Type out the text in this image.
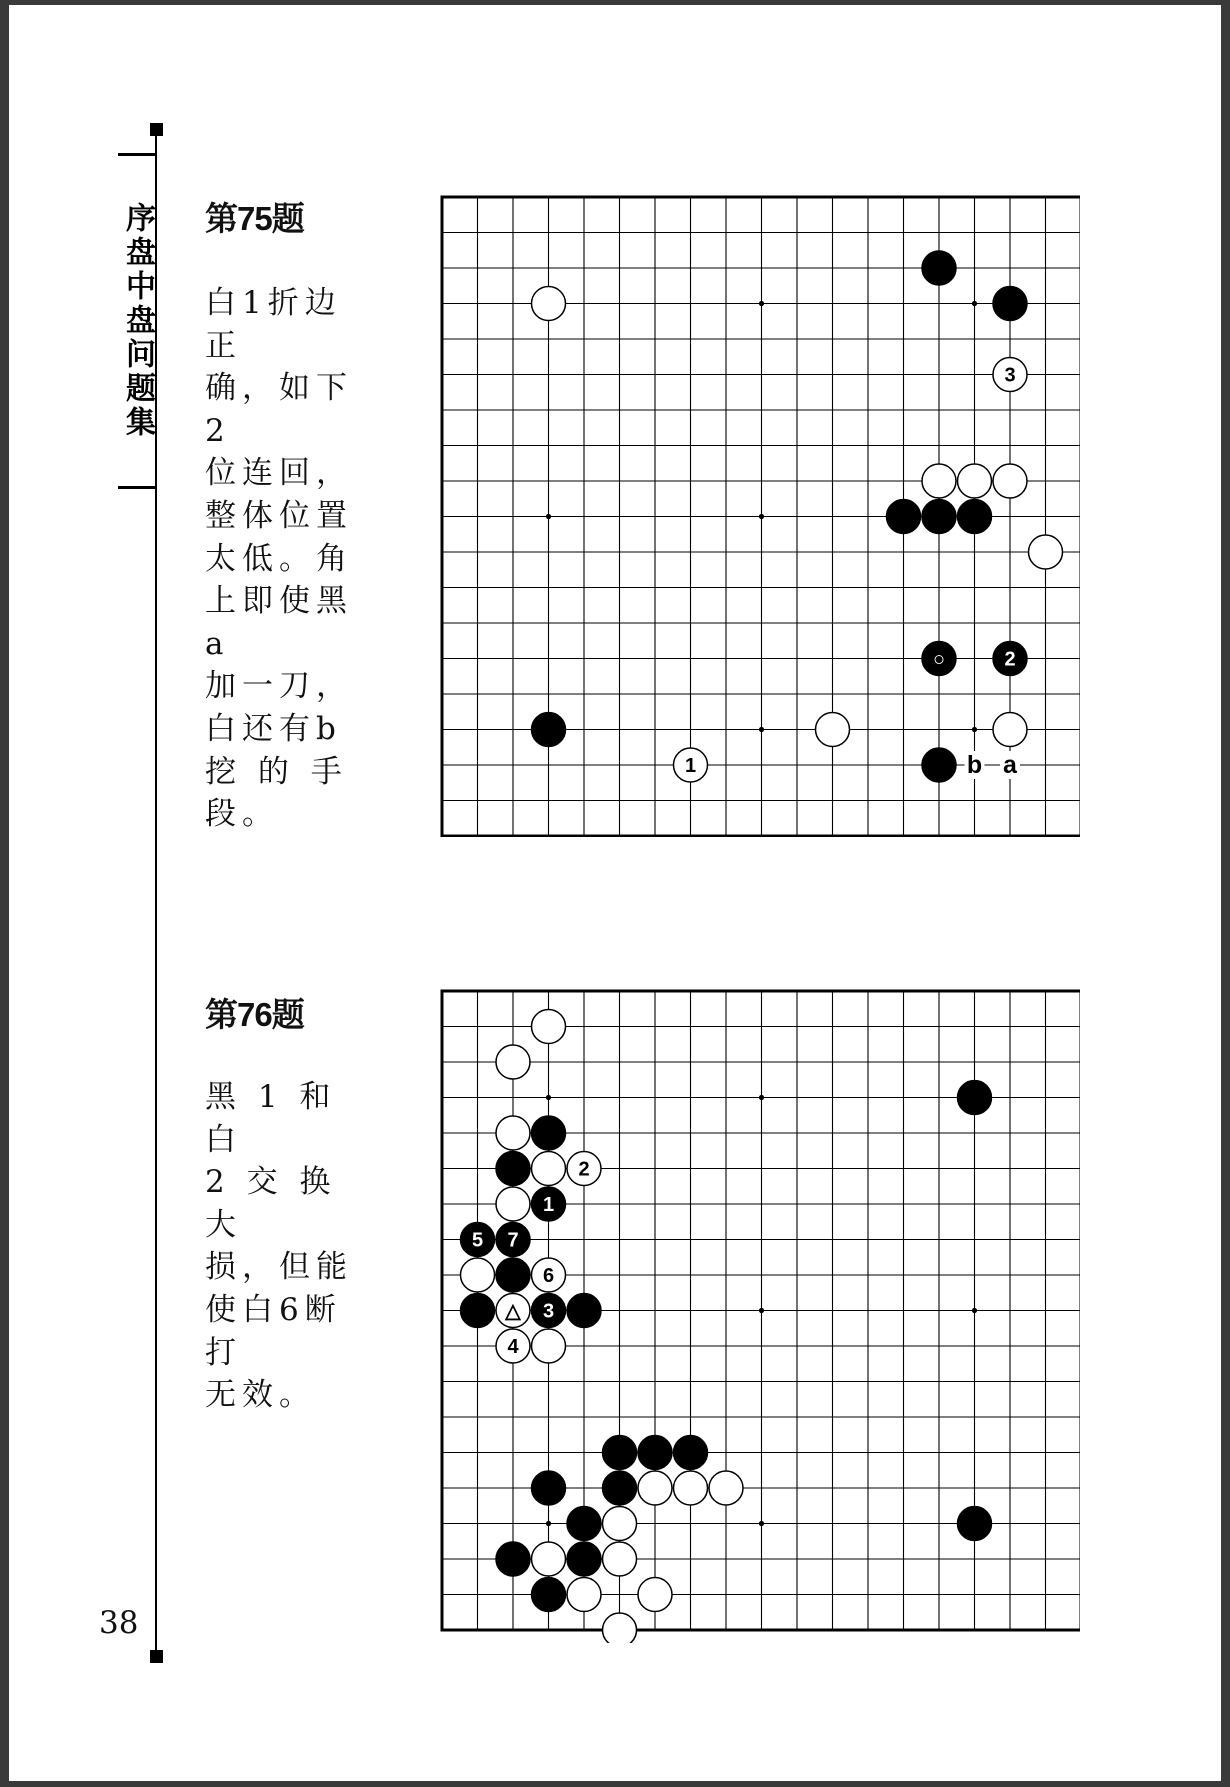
序盘中盘问题集
38
第75题
白1折边正
确，如下2
位连回，
整体位置
太低。角
上即使黑a
加一刀，
白还有b
挖 的 手
段。
3
○	2
1	b a
第76题
黑 1 和 白
2 交 换 大
损，但能
使白6断打
无效。
2
1
5 7
6
△ 3
4
